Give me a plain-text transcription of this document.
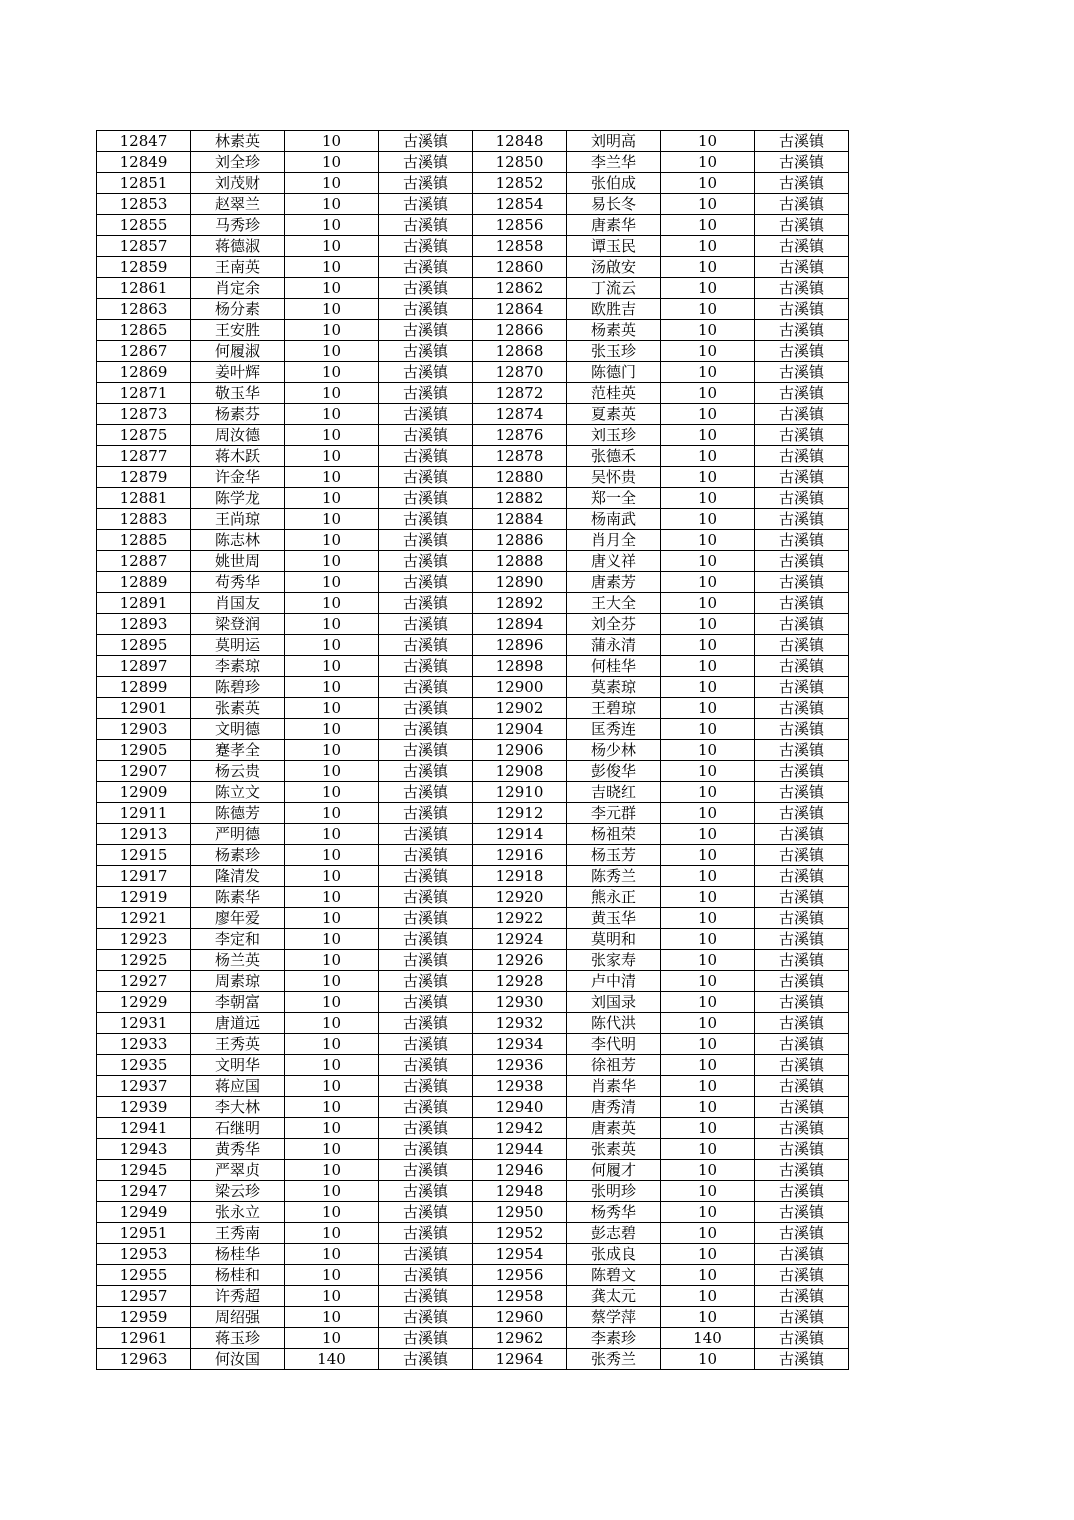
12847	林素英	10	古溪镇	12848	刘明高	10	古溪镇
12849	刘全珍	10	古溪镇	12850	李兰华	10	古溪镇
12851	刘茂财	10	古溪镇	12852	张伯成	10	古溪镇
12853	赵翠兰	10	古溪镇	12854	易长冬	10	古溪镇
12855	马秀珍	10	古溪镇	12856	唐素华	10	古溪镇
12857	蒋德淑	10	古溪镇	12858	谭玉民	10	古溪镇
12859	王南英	10	古溪镇	12860	汤啟安	10	古溪镇
12861	肖定余	10	古溪镇	12862	丁流云	10	古溪镇
12863	杨分素	10	古溪镇	12864	欧胜吉	10	古溪镇
12865	王安胜	10	古溪镇	12866	杨素英	10	古溪镇
12867	何履淑	10	古溪镇	12868	张玉珍	10	古溪镇
12869	姜叶辉	10	古溪镇	12870	陈德门	10	古溪镇
12871	敬玉华	10	古溪镇	12872	范桂英	10	古溪镇
12873	杨素芬	10	古溪镇	12874	夏素英	10	古溪镇
12875	周汝德	10	古溪镇	12876	刘玉珍	10	古溪镇
12877	蒋木跃	10	古溪镇	12878	张德禾	10	古溪镇
12879	许金华	10	古溪镇	12880	吴怀贵	10	古溪镇
12881	陈学龙	10	古溪镇	12882	郑一全	10	古溪镇
12883	王尚琼	10	古溪镇	12884	杨南武	10	古溪镇
12885	陈志林	10	古溪镇	12886	肖月全	10	古溪镇
12887	姚世周	10	古溪镇	12888	唐义祥	10	古溪镇
12889	苟秀华	10	古溪镇	12890	唐素芳	10	古溪镇
12891	肖国友	10	古溪镇	12892	王大全	10	古溪镇
12893	梁登润	10	古溪镇	12894	刘全芬	10	古溪镇
12895	莫明运	10	古溪镇	12896	蒲永清	10	古溪镇
12897	李素琼	10	古溪镇	12898	何桂华	10	古溪镇
12899	陈碧珍	10	古溪镇	12900	莫素琼	10	古溪镇
12901	张素英	10	古溪镇	12902	王碧琼	10	古溪镇
12903	文明德	10	古溪镇	12904	匡秀连	10	古溪镇
12905	蹇孝全	10	古溪镇	12906	杨少林	10	古溪镇
12907	杨云贵	10	古溪镇	12908	彭俊华	10	古溪镇
12909	陈立文	10	古溪镇	12910	吉晓红	10	古溪镇
12911	陈德芳	10	古溪镇	12912	李元群	10	古溪镇
12913	严明德	10	古溪镇	12914	杨祖荣	10	古溪镇
12915	杨素珍	10	古溪镇	12916	杨玉芳	10	古溪镇
12917	隆清发	10	古溪镇	12918	陈秀兰	10	古溪镇
12919	陈素华	10	古溪镇	12920	熊永正	10	古溪镇
12921	廖年爱	10	古溪镇	12922	黄玉华	10	古溪镇
12923	李定和	10	古溪镇	12924	莫明和	10	古溪镇
12925	杨兰英	10	古溪镇	12926	张家寿	10	古溪镇
12927	周素琼	10	古溪镇	12928	卢中清	10	古溪镇
12929	李朝富	10	古溪镇	12930	刘国录	10	古溪镇
12931	唐道远	10	古溪镇	12932	陈代洪	10	古溪镇
12933	王秀英	10	古溪镇	12934	李代明	10	古溪镇
12935	文明华	10	古溪镇	12936	徐祖芳	10	古溪镇
12937	蒋应国	10	古溪镇	12938	肖素华	10	古溪镇
12939	李大林	10	古溪镇	12940	唐秀清	10	古溪镇
12941	石继明	10	古溪镇	12942	唐素英	10	古溪镇
12943	黄秀华	10	古溪镇	12944	张素英	10	古溪镇
12945	严翠贞	10	古溪镇	12946	何履才	10	古溪镇
12947	梁云珍	10	古溪镇	12948	张明珍	10	古溪镇
12949	张永立	10	古溪镇	12950	杨秀华	10	古溪镇
12951	王秀南	10	古溪镇	12952	彭志碧	10	古溪镇
12953	杨桂华	10	古溪镇	12954	张成良	10	古溪镇
12955	杨桂和	10	古溪镇	12956	陈碧文	10	古溪镇
12957	许秀超	10	古溪镇	12958	龚太元	10	古溪镇
12959	周绍强	10	古溪镇	12960	蔡学萍	10	古溪镇
12961	蒋玉珍	10	古溪镇	12962	李素珍	140	古溪镇
12963	何汝国	140	古溪镇	12964	张秀兰	10	古溪镇
